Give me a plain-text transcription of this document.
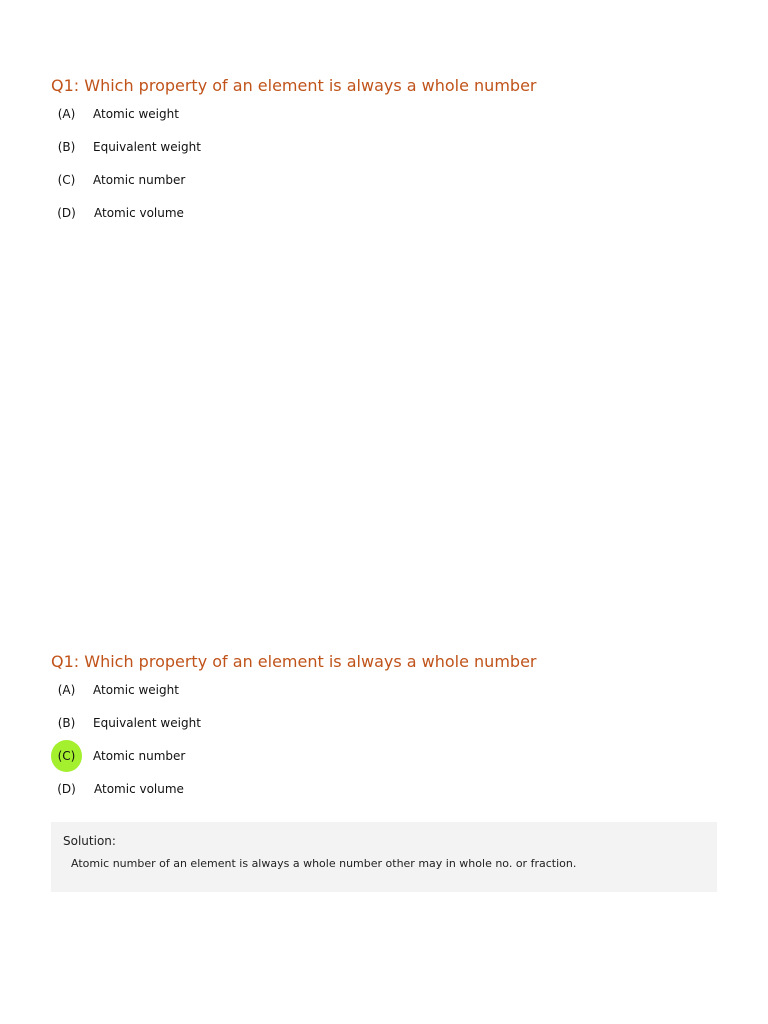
Q1: Which property of an element is always a whole number
(A)	Atomic weight
(B)	Equivalent weight
(C)	Atomic number
(D)	Atomic volume
Q1: Which property of an element is always a whole number
(A)	Atomic weight
(B)	Equivalent weight
(C)	Atomic number
(D)	Atomic volume
Solution:
Atomic number of an element is always a whole number other may in whole no. or fraction.
